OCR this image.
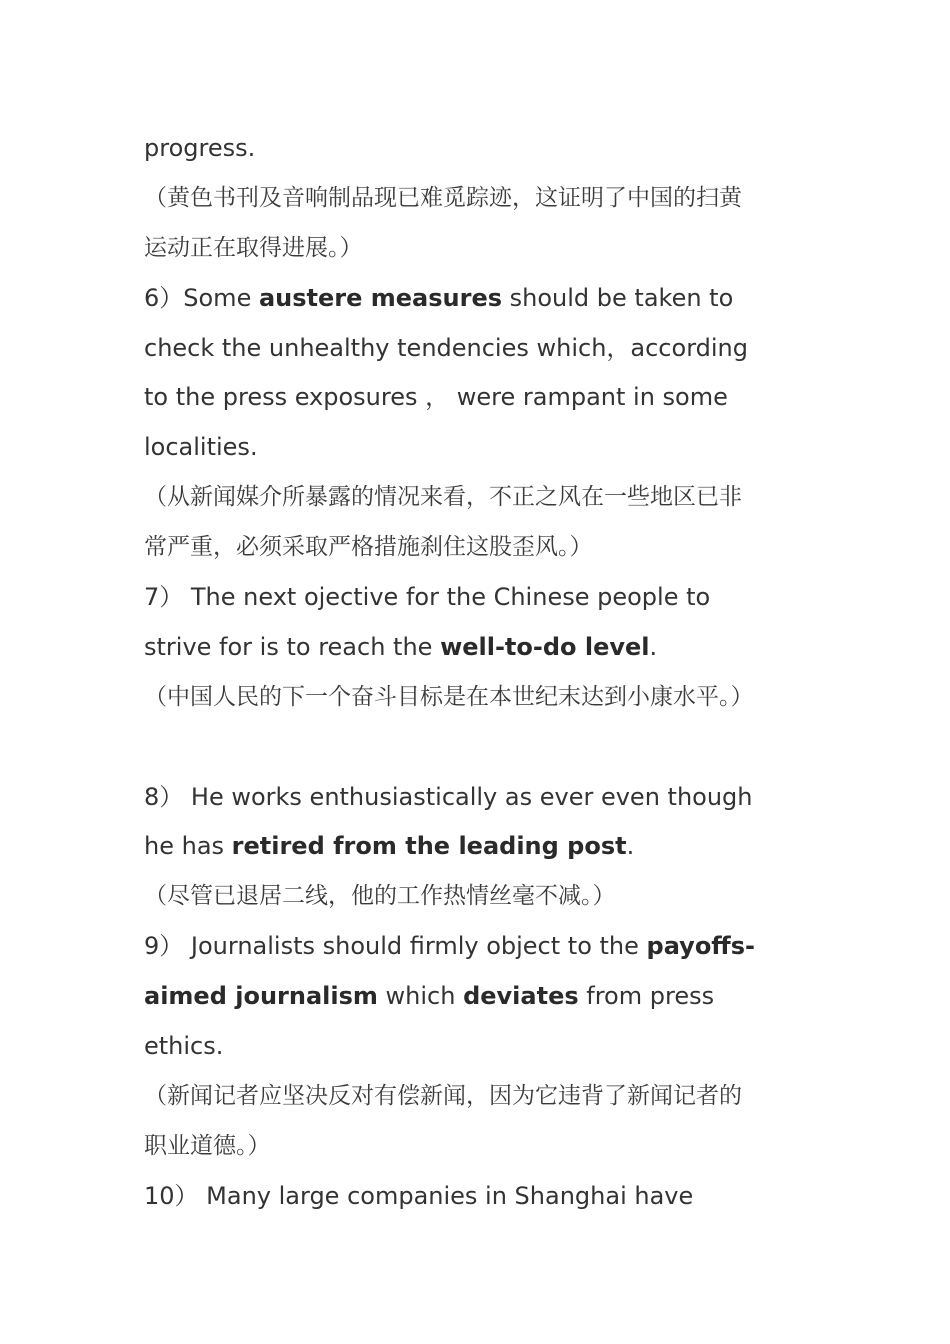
progress.
（黄色书刊及音响制品现已难觅踪迹，这证明了中国的扫黄
运动正在取得进展。）
6）Some austere measures should be taken to
check the unhealthy tendencies which，according
to the press exposures ， were rampant in some
localities.
（从新闻媒介所暴露的情况来看，不正之风在一些地区已非
常严重，必须采取严格措施刹住这股歪风。）
7） The next ojective for the Chinese people to
strive for is to reach the well-to-do level.
（中国人民的下一个奋斗目标是在本世纪末达到小康水平。）
8） He works enthusiastically as ever even though
he has retired from the leading post.
（尽管已退居二线，他的工作热情丝毫不减。）
9） Journalists should firmly object to the payoffs-
aimed journalism which deviates from press
ethics.
（新闻记者应坚决反对有偿新闻，因为它违背了新闻记者的
职业道德。）
10） Many large companies in Shanghai have
